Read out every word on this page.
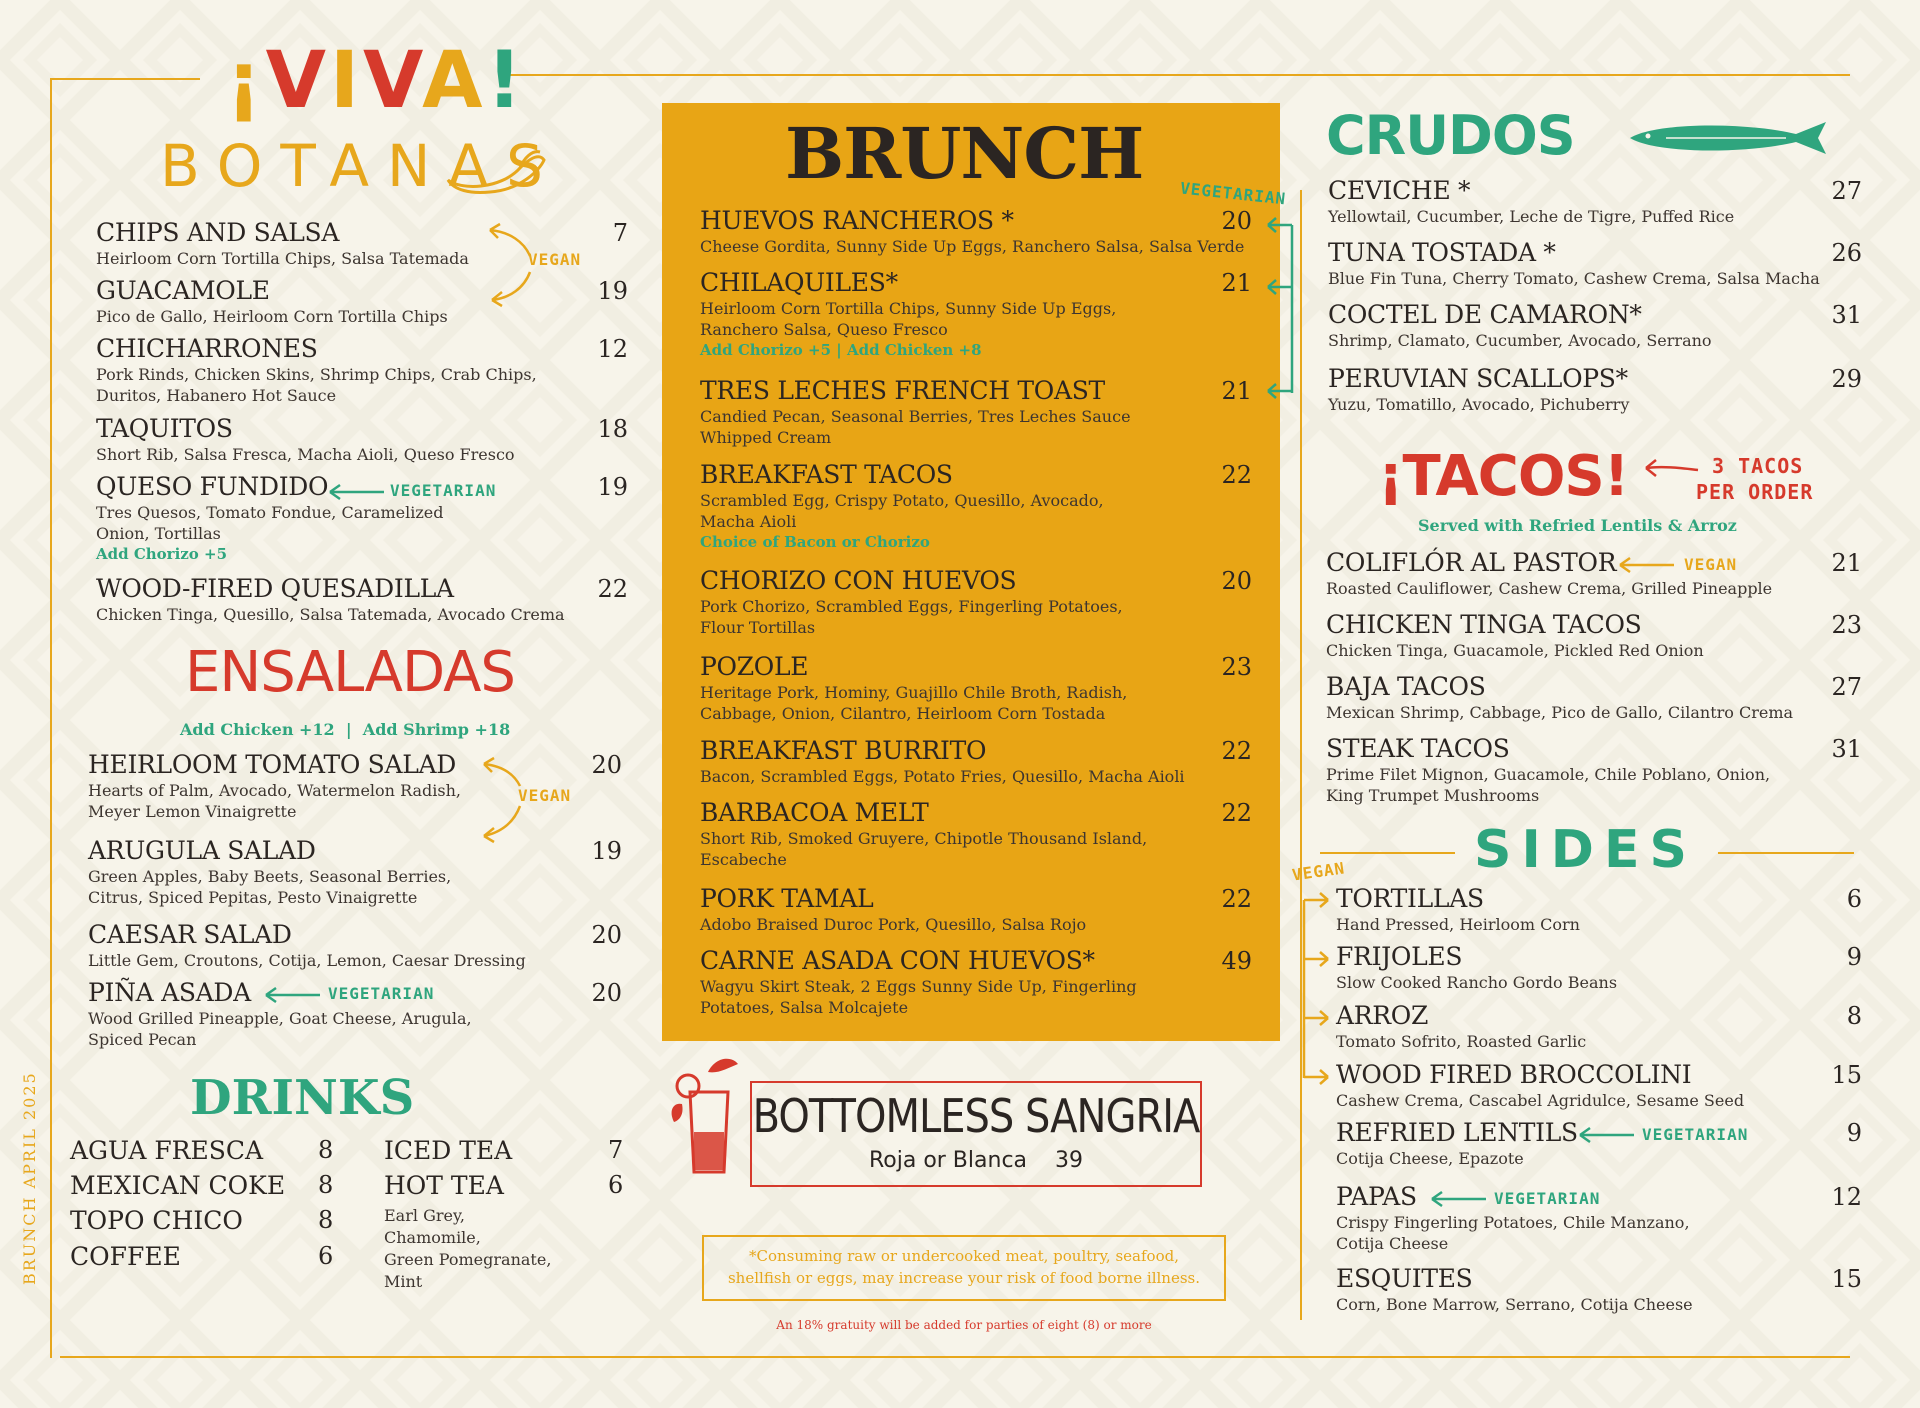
BRUNCH APRIL 2025
¡VIVA!
BOTANAS
CHIPS AND SALSA
Heirloom Corn Tortilla Chips, Salsa Tatemada
7
GUACAMOLE
Pico de Gallo, Heirloom Corn Tortilla Chips
19
CHICHARRONES
Pork Rinds, Chicken Skins, Shrimp Chips, Crab Chips,
Duritos, Habanero Hot Sauce
12
TAQUITOS
Short Rib, Salsa Fresca, Macha Aioli, Queso Fresco
18
QUESO FUNDIDO
Tres Quesos, Tomato Fondue, Caramelized
Onion, Tortillas
Add Chorizo +5
19
WOOD-FIRED QUESADILLA
Chicken Tinga, Quesillo, Salsa Tatemada, Avocado Crema
22
HEIRLOOM TOMATO SALAD
Hearts of Palm, Avocado, Watermelon Radish,
Meyer Lemon Vinaigrette
20
ARUGULA SALAD
Green Apples, Baby Beets, Seasonal Berries,
Citrus, Spiced Pepitas, Pesto Vinaigrette
19
CAESAR SALAD
Little Gem, Croutons, Cotija, Lemon, Caesar Dressing
20
PIÑA ASADA
Wood Grilled Pineapple, Goat Cheese, Arugula,
Spiced Pecan
20
VEGAN
VEGETARIAN
ENSALADAS
Add Chicken +12  |  Add Shrimp +18
VEGAN
VEGETARIAN
DRINKS
AGUA FRESCA 8
MEXICAN COKE 8
TOPO CHICO	8
COFFEE	6
ICED TEA	7
HOT TEA	6
Earl Grey,
Chamomile,
Green Pomegranate,
Mint
BRUNCH VEGETARIAN
HUEVOS RANCHEROS *
Cheese Gordita, Sunny Side Up Eggs, Ranchero Salsa, Salsa Verde
20
CHILAQUILES*
Heirloom Corn Tortilla Chips, Sunny Side Up Eggs,
Ranchero Salsa, Queso Fresco
Add Chorizo +5 | Add Chicken +8
21
TRES LECHES FRENCH TOAST
Candied Pecan, Seasonal Berries, Tres Leches Sauce
Whipped Cream
21
BREAKFAST TACOS
Scrambled Egg, Crispy Potato, Quesillo, Avocado,
Macha Aioli
Choice of Bacon or Chorizo
22
CHORIZO CON HUEVOS
Pork Chorizo, Scrambled Eggs, Fingerling Potatoes,
Flour Tortillas
20
POZOLE
Heritage Pork, Hominy, Guajillo Chile Broth, Radish,
Cabbage, Onion, Cilantro, Heirloom Corn Tostada
23
BREAKFAST BURRITO
Bacon, Scrambled Eggs, Potato Fries, Quesillo, Macha Aioli
22
BARBACOA MELT
Short Rib, Smoked Gruyere, Chipotle Thousand Island,
Escabeche
22
PORK TAMAL
Adobo Braised Duroc Pork, Quesillo, Salsa Rojo
22
CARNE ASADA CON HUEVOS*
Wagyu Skirt Steak, 2 Eggs Sunny Side Up, Fingerling
Potatoes, Salsa Molcajete
49
BOTTOMLESS SANGRIA
Roja or Blanca 39
*Consuming raw or undercooked meat, poultry, seafood,
shellfish or eggs, may increase your risk of food borne illness.
An 18% gratuity will be added for parties of eight (8) or more
CRUDOS
CEVICHE *
Yellowtail, Cucumber, Leche de Tigre, Puffed Rice
27
TUNA TOSTADA *
Blue Fin Tuna, Cherry Tomato, Cashew Crema, Salsa Macha
26
COCTEL DE CAMARON*
Shrimp, Clamato, Cucumber, Avocado, Serrano
31
PERUVIAN SCALLOPS*
Yuzu, Tomatillo, Avocado, Pichuberry
29
¡TACOS!	3 TACOS
PER ORDER
Served with Refried Lentils & Arroz
VEGAN
COLIFLÓR AL PASTOR
Roasted Cauliflower, Cashew Crema, Grilled Pineapple
21
CHICKEN TINGA TACOS
Chicken Tinga, Guacamole, Pickled Red Onion
23
BAJA TACOS
Mexican Shrimp, Cabbage, Pico de Gallo, Cilantro Crema
27
STEAK TACOS
Prime Filet Mignon, Guacamole, Chile Poblano, Onion,
King Trumpet Mushrooms
31
SIDES
VEGAN
VEGETARIAN
VEGETARIAN
TORTILLAS
Hand Pressed, Heirloom Corn
6
FRIJOLES
Slow Cooked Rancho Gordo Beans
9
ARROZ
Tomato Sofrito, Roasted Garlic
8
WOOD FIRED BROCCOLINI
Cashew Crema, Cascabel Agridulce, Sesame Seed
15
REFRIED LENTILS
Cotija Cheese, Epazote
9
PAPAS
Crispy Fingerling Potatoes, Chile Manzano,
Cotija Cheese
12
ESQUITES
Corn, Bone Marrow, Serrano, Cotija Cheese
15
